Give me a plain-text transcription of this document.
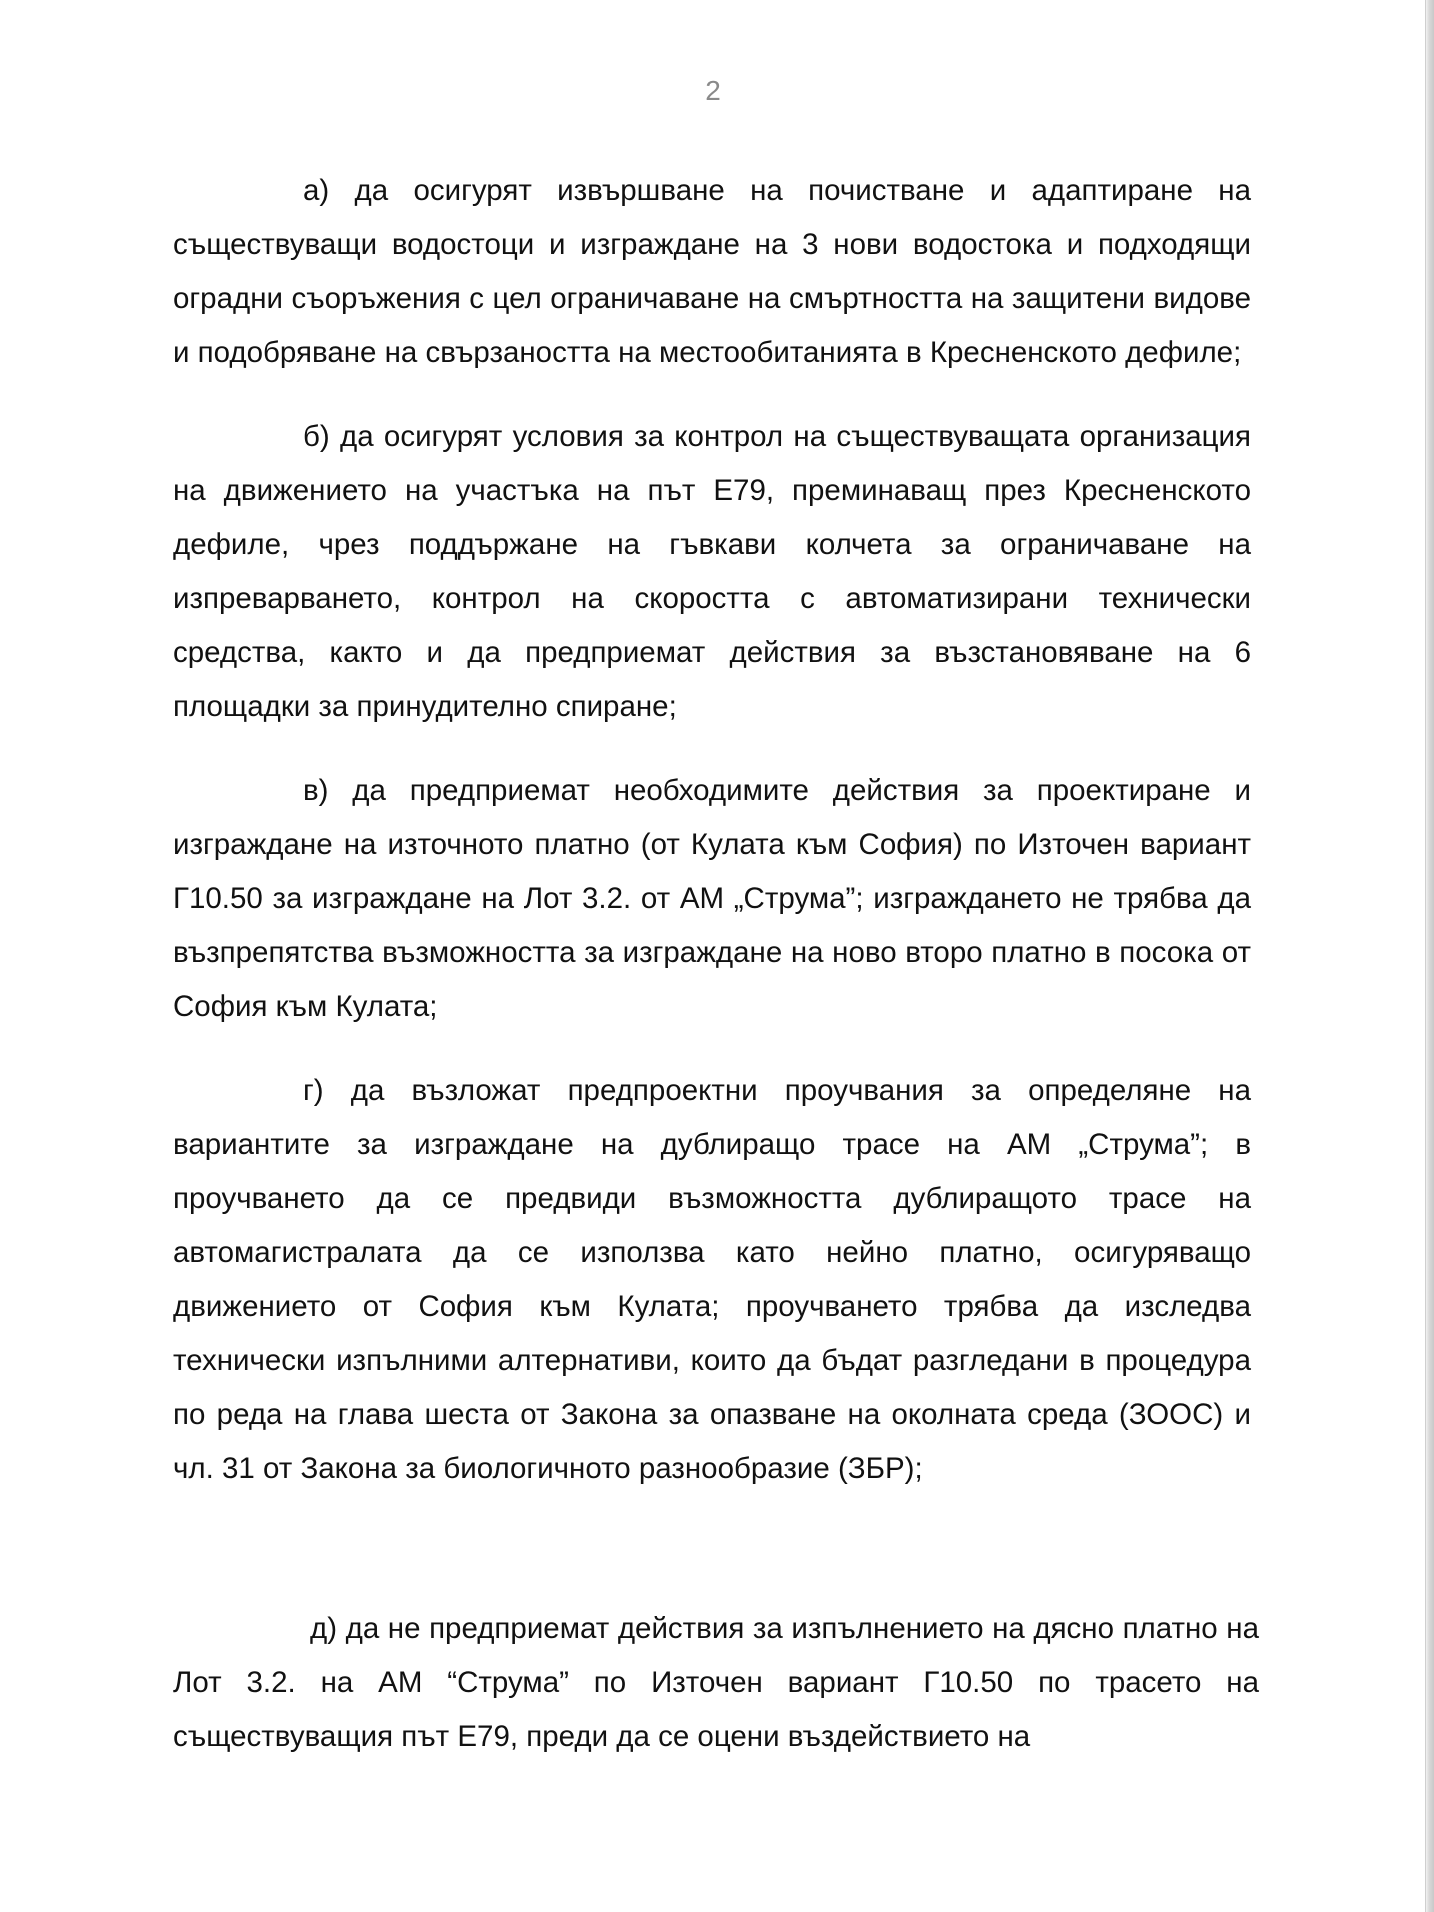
2

а) да осигурят извършване на почистване и адаптиране на съществуващи водостоци и изграждане на 3 нови водостока и подходящи оградни съоръжения с цел ограничаване на смъртността на защитени видове и подобряване на свързаността на местообитанията в Кресненското дефиле;

б) да осигурят условия за контрол на съществуващата организация на движението на участъка на път Е79, преминаващ през Кресненското дефиле, чрез поддържане на гъвкави колчета за ограничаване на изпреварването, контрол на скоростта с автоматизирани технически средства, както и да предприемат действия за възстановяване на 6 площадки за принудително спиране;

в) да предприемат необходимите действия за проектиране и изграждане на източното платно (от Кулата към София) по Източен вариант Г10.50 за изграждане на Лот 3.2. от АМ „Струма”; изграждането не трябва да възпрепятства възможността за изграждане на ново второ платно в посока от София към Кулата;

г) да възложат предпроектни проучвания за определяне на вариантите за изграждане на дублиращо трасе на АМ „Струма”; в проучването да се предвиди възможността дублиращото трасе на автомагистралата да се използва като нейно платно, осигуряващо движението от София към Кулата; проучването трябва да изследва технически изпълними алтернативи, които да бъдат разгледани в процедура по реда на глава шеста от Закона за опазване на околната среда (ЗООС) и чл. 31 от Закона за биологичното разнообразие (ЗБР);

д) да не предприемат действия за изпълнението на дясно платно на Лот 3.2. на АМ “Струма” по Източен вариант Г10.50 по трасето на съществуващия път Е79, преди да се оцени въздействието на
